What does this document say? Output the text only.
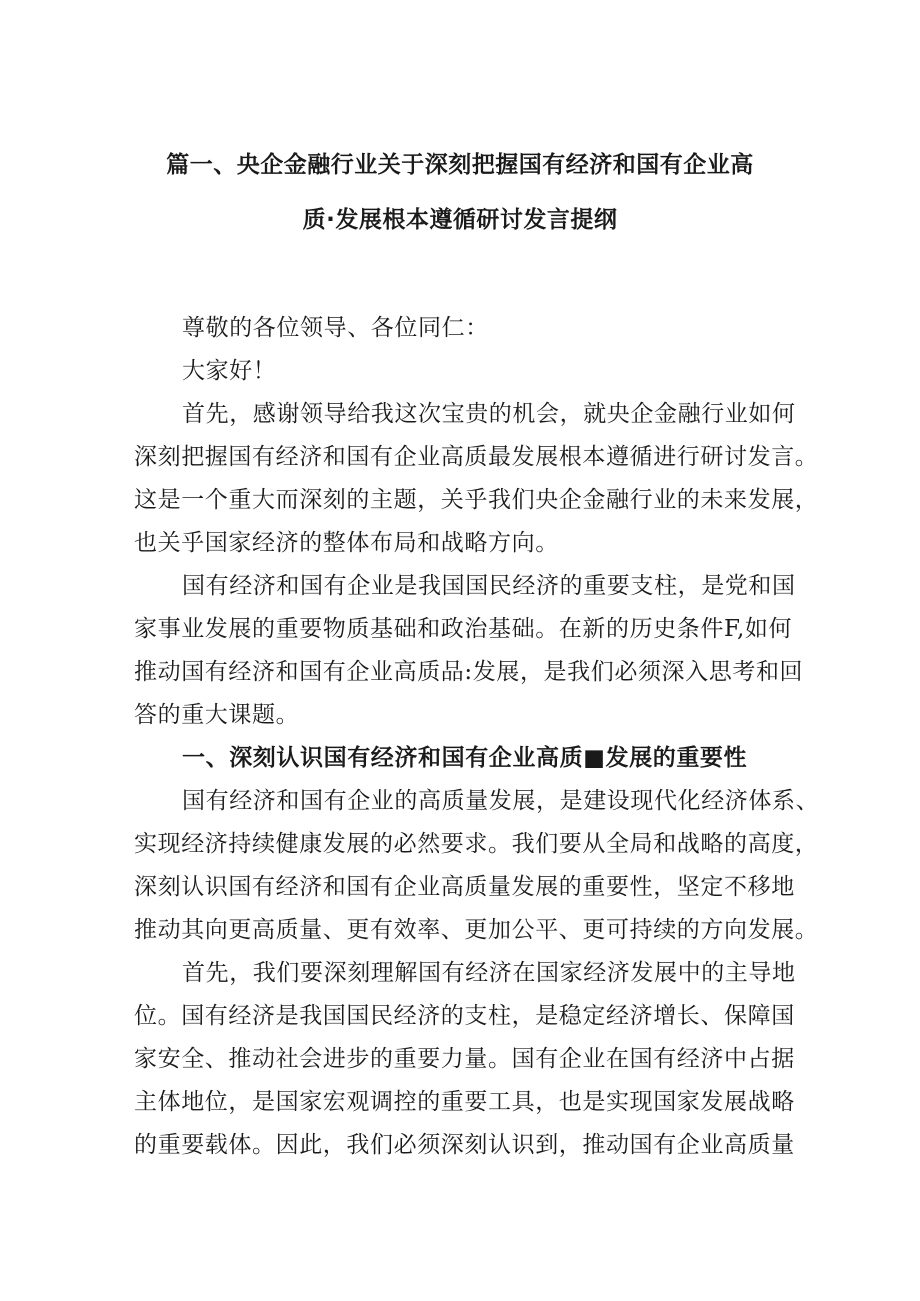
篇一、央企金融行业关于深刻把握国有经济和国有企业高
质·发展根本遵循研讨发言提纲
尊敬的各位领导、各位同仁：
大家好！
首先，感谢领导给我这次宝贵的机会，就央企金融行业如何
深刻把握国有经济和国有企业高质最发展根本遵循进行研讨发言。
这是一个重大而深刻的主题，关乎我们央企金融行业的未来发展，
也关乎国家经济的整体布局和战略方向。
国有经济和国有企业是我国国民经济的重要支柱，是党和国
家事业发展的重要物质基础和政治基础。在新的历史条件F,如何
推动国有经济和国有企业高质品:发展，是我们必须深入思考和回
答的重大课题。
一、深刻认识国有经济和国有企业高质■发展的重要性
国有经济和国有企业的高质量发展，是建设现代化经济体系、
实现经济持续健康发展的必然要求。我们要从全局和战略的高度，
深刻认识国有经济和国有企业高质量发展的重要性，坚定不移地
推动其向更高质量、更有效率、更加公平、更可持续的方向发展。
首先，我们要深刻理解国有经济在国家经济发展中的主导地
位。国有经济是我国国民经济的支柱，是稳定经济增长、保障国
家安全、推动社会进步的重要力量。国有企业在国有经济中占据
主体地位，是国家宏观调控的重要工具，也是实现国家发展战略
的重要载体。因此，我们必须深刻认识到，推动国有企业高质量
